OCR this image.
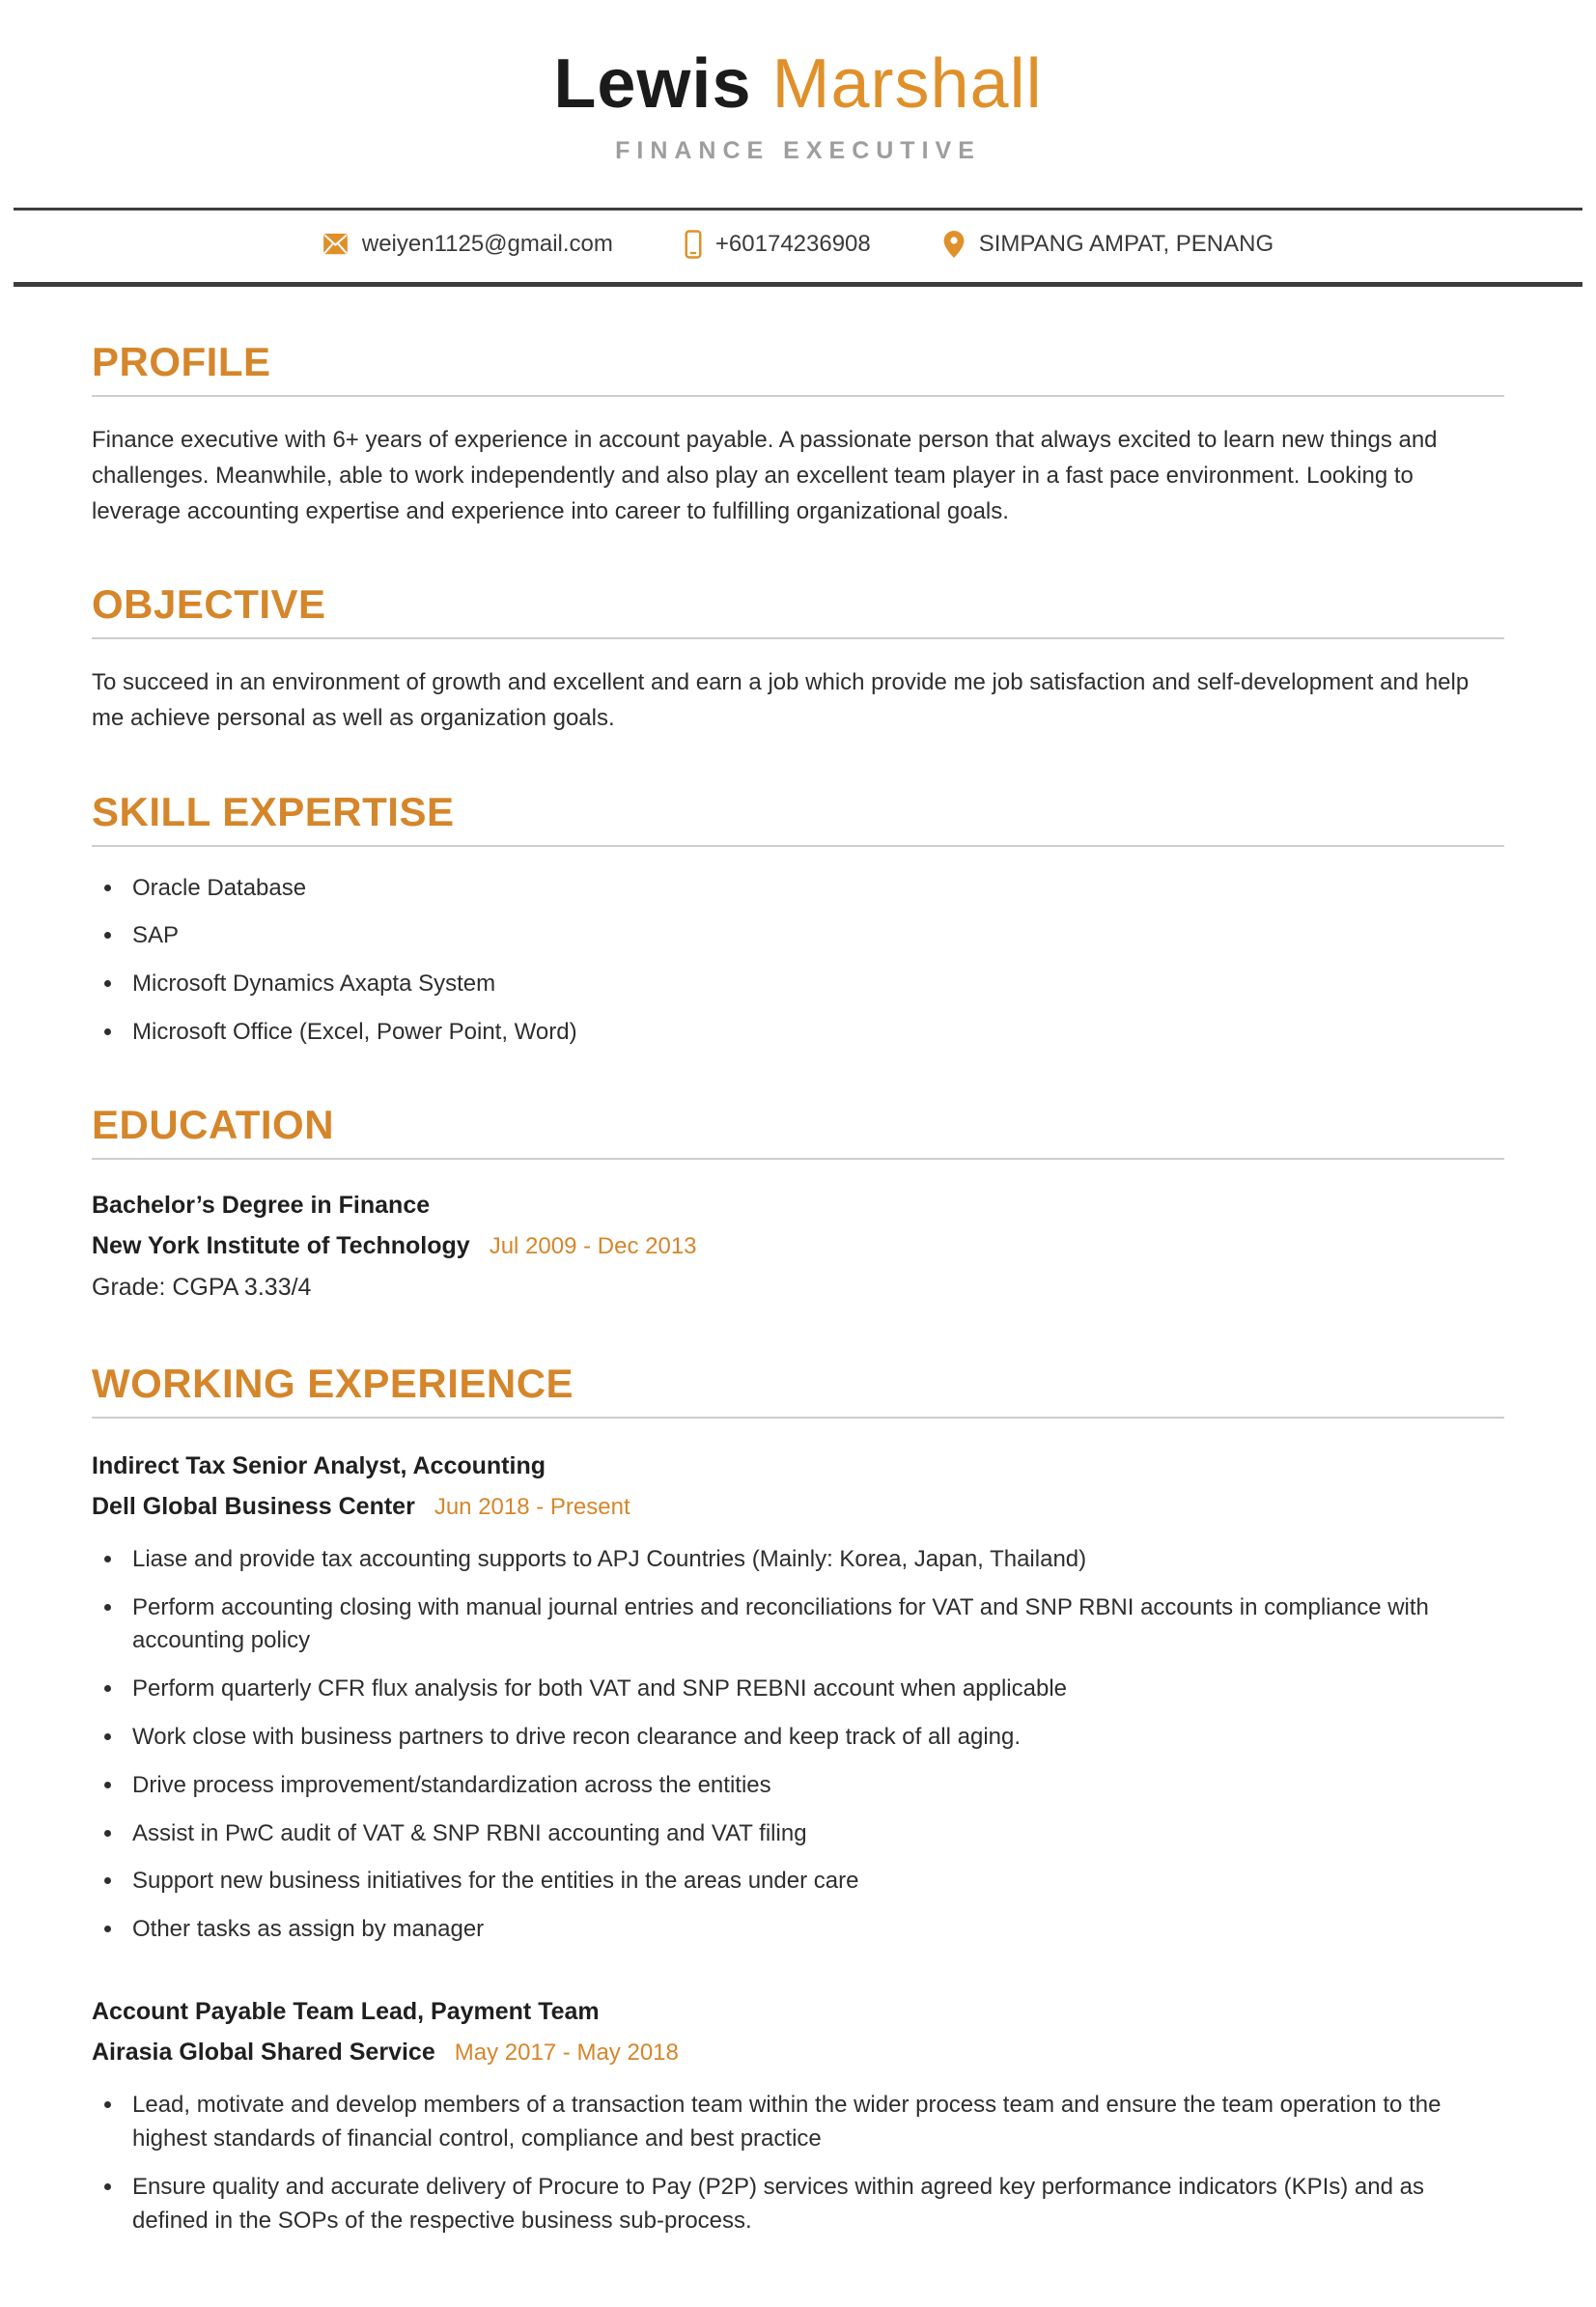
Lewis Marshall
FINANCE EXECUTIVE
weiyen1125@gmail.com	+60174236908	SIMPANG AMPAT, PENANG
PROFILE

Finance executive with 6+ years of experience in account payable. A passionate person that always excited to learn new things and challenges. Meanwhile, able to work independently and also play an excellent team player in a fast pace environment. Looking to leverage accounting expertise and experience into career to fulfilling organizational goals.

OBJECTIVE

To succeed in an environment of growth and excellent and earn a job which provide me job satisfaction and self-development and help me achieve personal as well as organization goals.

SKILL EXPERTISE
• Oracle Database
• SAP
• Microsoft Dynamics Axapta System
• Microsoft Office (Excel, Power Point, Word)
EDUCATION
Bachelor’s Degree in Finance
New York Institute of Technology Jul 2009 - Dec 2013
Grade: CGPA 3.33/4
WORKING EXPERIENCE
Indirect Tax Senior Analyst, Accounting
Dell Global Business Center Jun 2018 - Present
• Liase and provide tax accounting supports to APJ Countries (Mainly: Korea, Japan, Thailand)
• Perform accounting closing with manual journal entries and reconciliations for VAT and SNP RBNI accounts in compliance with accounting policy
• Perform quarterly CFR flux analysis for both VAT and SNP REBNI account when applicable
• Work close with business partners to drive recon clearance and keep track of all aging.
• Drive process improvement/standardization across the entities
• Assist in PwC audit of VAT & SNP RBNI accounting and VAT filing
• Support new business initiatives for the entities in the areas under care
• Other tasks as assign by manager
Account Payable Team Lead, Payment Team
Airasia Global Shared Service May 2017 - May 2018
• Lead, motivate and develop members of a transaction team within the wider process team and ensure the team operation to the highest standards of financial control, compliance and best practice
• Ensure quality and accurate delivery of Procure to Pay (P2P) services within agreed key performance indicators (KPIs) and as defined in the SOPs of the respective business sub-process.
